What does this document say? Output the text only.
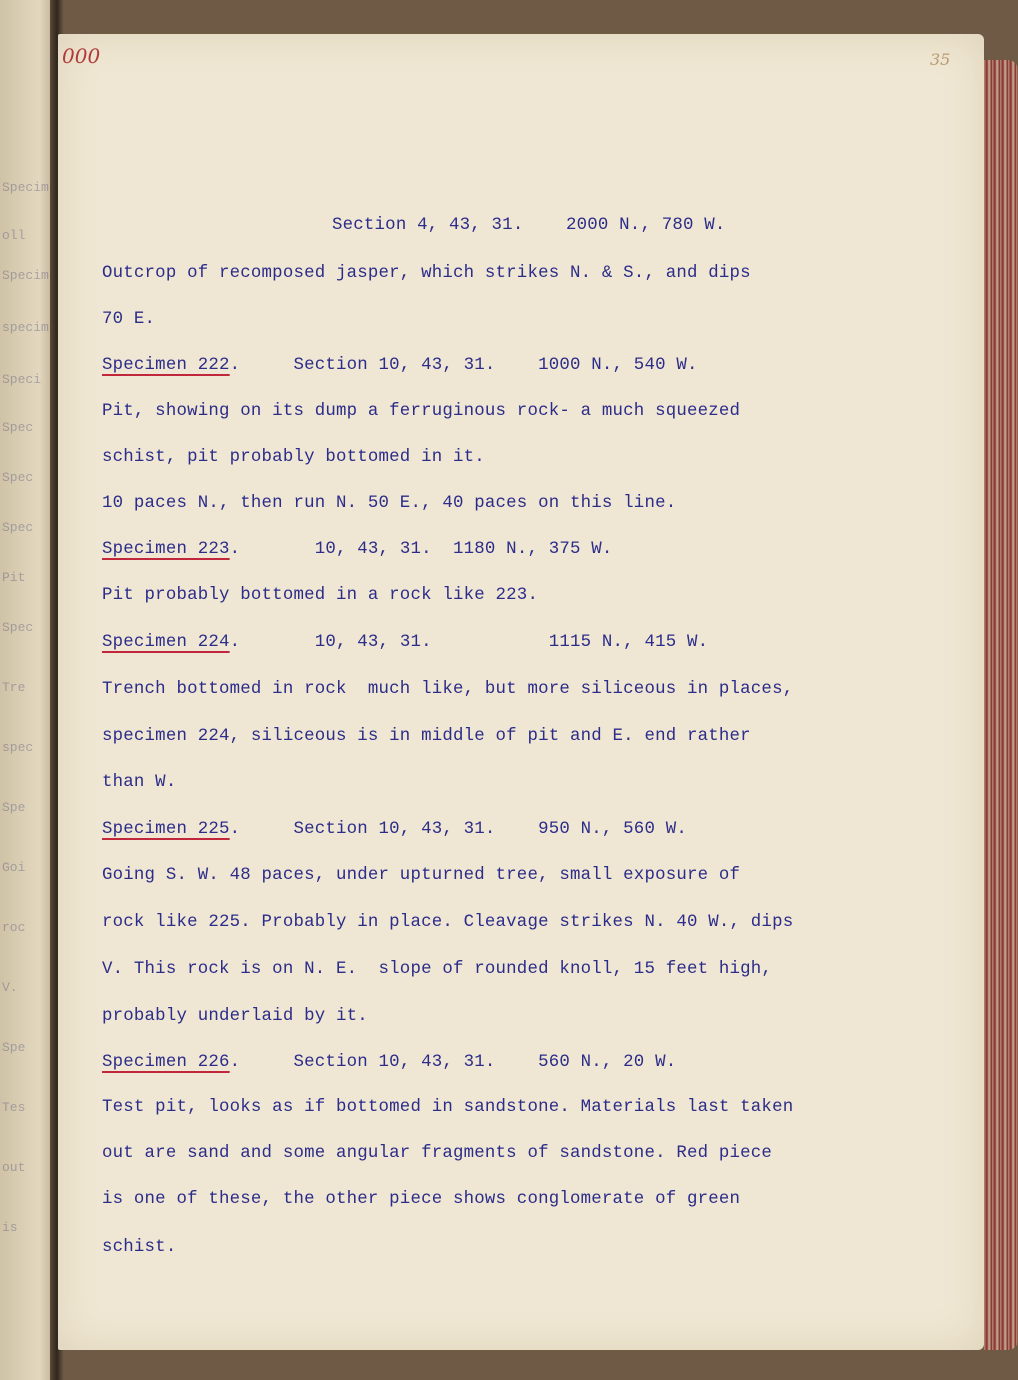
Specim
oll
Specim
specim
Speci
Spec
Spec
Spec
Pit
Spec
Tre
spec
Spe
Goi
roc
V.
Spe
Tes
out
is
000	35
Section 4, 43, 31.    2000 N., 780 W.
Outcrop of recomposed jasper, which strikes N. & S., and dips
70 E.
Specimen 222.     Section 10, 43, 31.    1000 N., 540 W.
Pit, showing on its dump a ferruginous rock- a much squeezed
schist, pit probably bottomed in it.
10 paces N., then run N. 50 E., 40 paces on this line.
Specimen 223.       10, 43, 31.  1180 N., 375 W.
Pit probably bottomed in a rock like 223.
Specimen 224.       10, 43, 31.           1115 N., 415 W.
Trench bottomed in rock  much like, but more siliceous in places,
specimen 224, siliceous is in middle of pit and E. end rather
than W.
Specimen 225.     Section 10, 43, 31.    950 N., 560 W.
Going S. W. 48 paces, under upturned tree, small exposure of
rock like 225. Probably in place. Cleavage strikes N. 40 W., dips
V. This rock is on N. E.  slope of rounded knoll, 15 feet high,
probably underlaid by it.
Specimen 226.     Section 10, 43, 31.    560 N., 20 W.
Test pit, looks as if bottomed in sandstone. Materials last taken
out are sand and some angular fragments of sandstone. Red piece
is one of these, the other piece shows conglomerate of green
schist.
